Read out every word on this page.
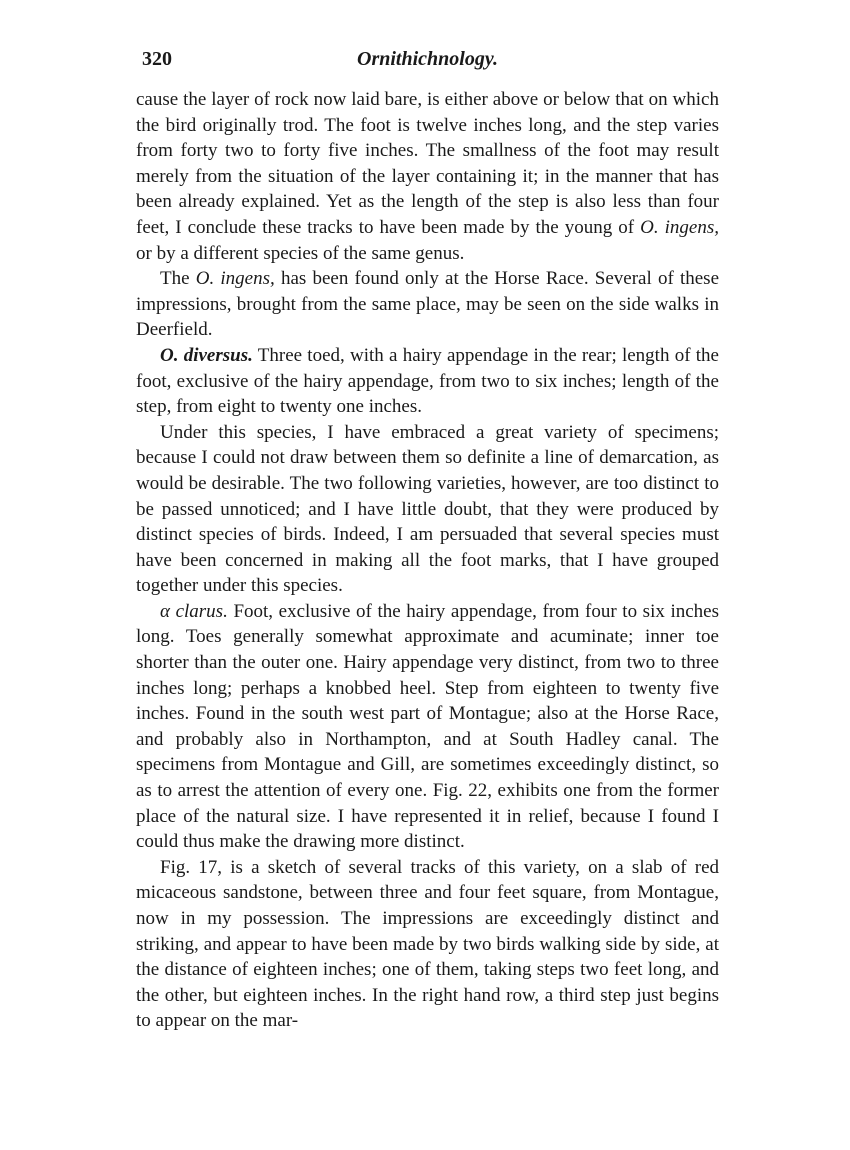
320	Ornithichnology.

cause the layer of rock now laid bare, is either above or below that on which the bird originally trod. The foot is twelve inches long, and the step varies from forty two to forty five inches. The smallness of the foot may result merely from the situation of the layer containing it; in the manner that has been already explained. Yet as the length of the step is also less than four feet, I conclude these tracks to have been made by the young of O. ingens, or by a different species of the same genus.

The O. ingens, has been found only at the Horse Race. Several of these impressions, brought from the same place, may be seen on the side walks in Deerfield.

O. diversus. Three toed, with a hairy appendage in the rear; length of the foot, exclusive of the hairy appendage, from two to six inches; length of the step, from eight to twenty one inches.

Under this species, I have embraced a great variety of specimens; because I could not draw between them so definite a line of demarcation, as would be desirable. The two following varieties, however, are too distinct to be passed unnoticed; and I have little doubt, that they were produced by distinct species of birds. Indeed, I am persuaded that several species must have been concerned in making all the foot marks, that I have grouped together under this species.

α clarus. Foot, exclusive of the hairy appendage, from four to six inches long. Toes generally somewhat approximate and acuminate; inner toe shorter than the outer one. Hairy appendage very distinct, from two to three inches long; perhaps a knobbed heel. Step from eighteen to twenty five inches. Found in the south west part of Montague; also at the Horse Race, and probably also in Northampton, and at South Hadley canal. The specimens from Montague and Gill, are sometimes exceedingly distinct, so as to arrest the attention of every one. Fig. 22, exhibits one from the former place of the natural size. I have represented it in relief, because I found I could thus make the drawing more distinct.

Fig. 17, is a sketch of several tracks of this variety, on a slab of red micaceous sandstone, between three and four feet square, from Montague, now in my possession. The impressions are exceedingly distinct and striking, and appear to have been made by two birds walking side by side, at the distance of eighteen inches; one of them, taking steps two feet long, and the other, but eighteen inches. In the right hand row, a third step just begins to appear on the mar-
